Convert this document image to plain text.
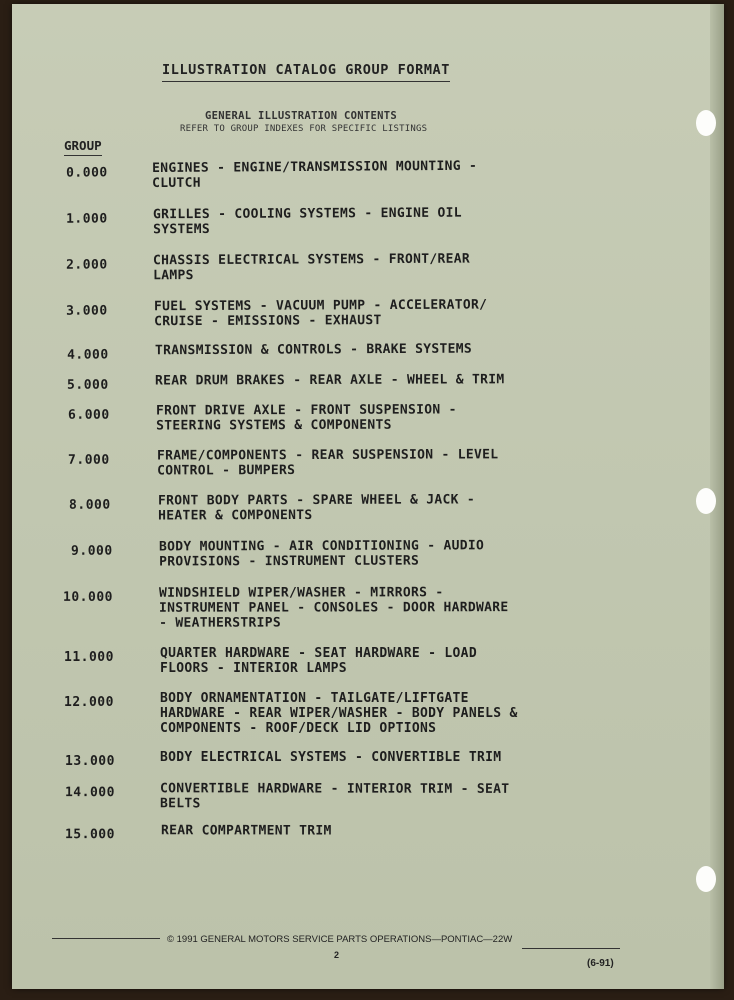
ILLUSTRATION CATALOG GROUP FORMAT
GENERAL ILLUSTRATION CONTENTS
REFER TO GROUP INDEXES FOR SPECIFIC LISTINGS
GROUP
0.000	ENGINES - ENGINE/TRANSMISSION MOUNTING -
CLUTCH
1.000	GRILLES - COOLING SYSTEMS - ENGINE OIL
SYSTEMS
2.000	CHASSIS ELECTRICAL SYSTEMS - FRONT/REAR
LAMPS
3.000	FUEL SYSTEMS - VACUUM PUMP - ACCELERATOR/
CRUISE - EMISSIONS - EXHAUST
4.000	TRANSMISSION & CONTROLS - BRAKE SYSTEMS
5.000	REAR DRUM BRAKES - REAR AXLE - WHEEL & TRIM
6.000	FRONT DRIVE AXLE - FRONT SUSPENSION -
STEERING SYSTEMS & COMPONENTS
7.000	FRAME/COMPONENTS - REAR SUSPENSION - LEVEL
CONTROL - BUMPERS
8.000	FRONT BODY PARTS - SPARE WHEEL & JACK -
HEATER & COMPONENTS
9.000	BODY MOUNTING - AIR CONDITIONING - AUDIO
PROVISIONS - INSTRUMENT CLUSTERS
10.000	WINDSHIELD WIPER/WASHER - MIRRORS -
INSTRUMENT PANEL - CONSOLES - DOOR HARDWARE
- WEATHERSTRIPS
11.000	QUARTER HARDWARE - SEAT HARDWARE - LOAD
FLOORS - INTERIOR LAMPS
12.000	BODY ORNAMENTATION - TAILGATE/LIFTGATE
HARDWARE - REAR WIPER/WASHER - BODY PANELS &
COMPONENTS - ROOF/DECK LID OPTIONS
13.000	BODY ELECTRICAL SYSTEMS - CONVERTIBLE TRIM
14.000	CONVERTIBLE HARDWARE - INTERIOR TRIM - SEAT
BELTS
15.000	REAR COMPARTMENT TRIM
© 1991 GENERAL MOTORS SERVICE PARTS OPERATIONS—PONTIAC—22W
2
(6-91)
